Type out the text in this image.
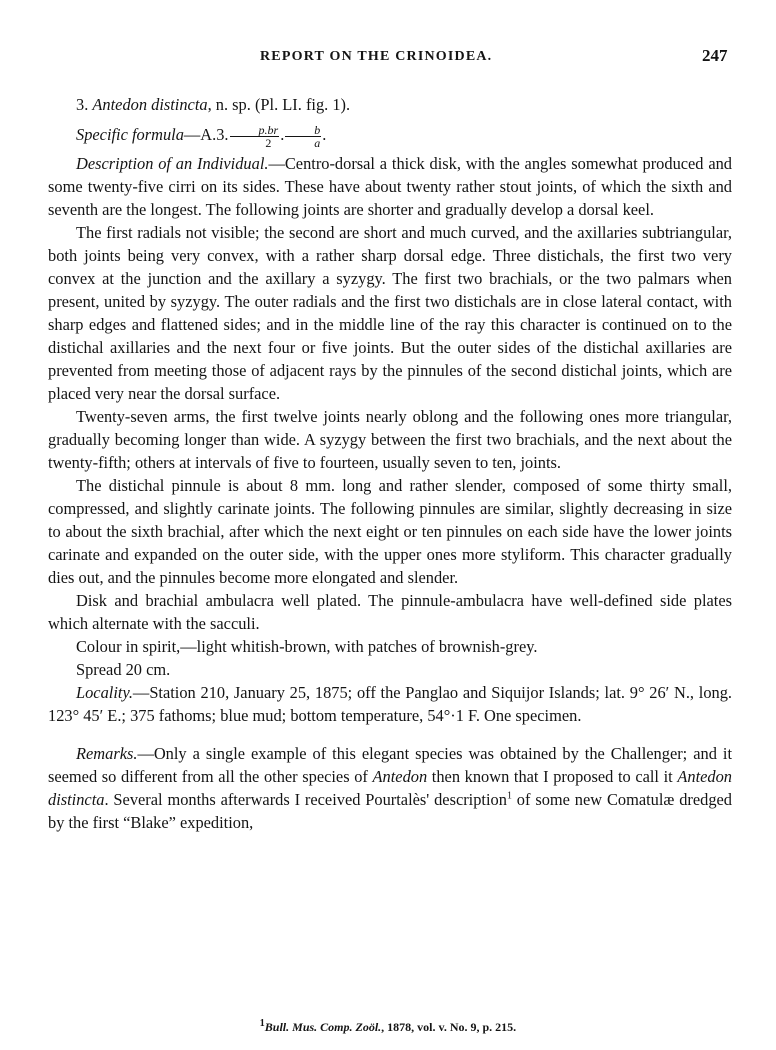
REPORT ON THE CRINOIDEA.	247

3. Antedon distincta, n. sp. (Pl. LI. fig. 1).

Specific formula—A.3. $\frac{p.br}{2}$ . $\frac{b}{a}$ .

Description of an Individual.—Centro-dorsal a thick disk, with the angles somewhat produced and some twenty-five cirri on its sides. These have about twenty rather stout joints, of which the sixth and seventh are the longest. The following joints are shorter and gradually develop a dorsal keel.

The first radials not visible; the second are short and much curved, and the axillaries subtriangular, both joints being very convex, with a rather sharp dorsal edge. Three distichals, the first two very convex at the junction and the axillary a syzygy. The first two brachials, or the two palmars when present, united by syzygy. The outer radials and the first two distichals are in close lateral contact, with sharp edges and flattened sides; and in the middle line of the ray this character is continued on to the distichal axillaries and the next four or five joints. But the outer sides of the distichal axillaries are prevented from meeting those of adjacent rays by the pinnules of the second distichal joints, which are placed very near the dorsal surface.

Twenty-seven arms, the first twelve joints nearly oblong and the following ones more triangular, gradually becoming longer than wide. A syzygy between the first two brachials, and the next about the twenty-fifth; others at intervals of five to fourteen, usually seven to ten, joints.

The distichal pinnule is about 8 mm. long and rather slender, composed of some thirty small, compressed, and slightly carinate joints. The following pinnules are similar, slightly decreasing in size to about the sixth brachial, after which the next eight or ten pinnules on each side have the lower joints carinate and expanded on the outer side, with the upper ones more styliform. This character gradually dies out, and the pinnules become more elongated and slender.

Disk and brachial ambulacra well plated. The pinnule-ambulacra have well-defined side plates which alternate with the sacculi.

Colour in spirit,—light whitish-brown, with patches of brownish-grey.

Spread 20 cm.

Locality.—Station 210, January 25, 1875; off the Panglao and Siquijor Islands; lat. 9° 26′ N., long. 123° 45′ E.; 375 fathoms; blue mud; bottom temperature, 54°·1 F. One specimen.

Remarks.—Only a single example of this elegant species was obtained by the Challenger; and it seemed so different from all the other species of Antedon then known that I proposed to call it Antedon distincta. Several months afterwards I received Pourtalès' description$^1$ of some new Comatulæ dredged by the first “Blake” expedition,

$^1$Bull. Mus. Comp. Zoöl., 1878, vol. v. No. 9, p. 215.
